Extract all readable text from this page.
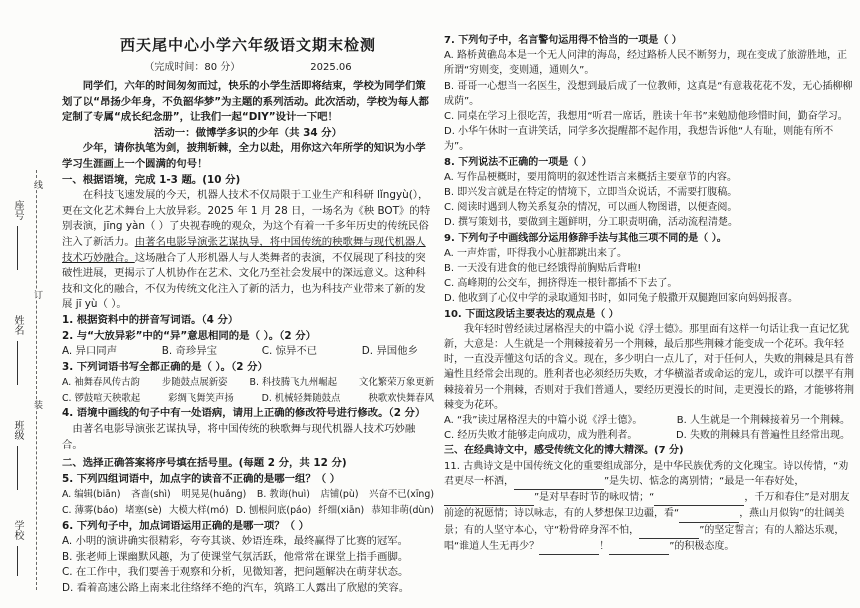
座号
姓名
班级
学校
线
订
装
西天尾中心小学六年级语文期末检测
（完成时间：80 分）	2025.06

同学们，六年的时间匆匆而过，快乐的小学生活即将结束，学校为同学们策划了以“昂扬少年身，不负韶华梦”为主题的系列活动。此次活动，学校为每人都定制了专属“成长纪念册”，让我们一起“DIY”设计一下吧！

活动一：做博学多识的少年（共 34 分）

少年，请你执笔为剑，披荆斩棘，全力以赴，用你这六年所学的知识为小学学习生涯画上一个圆满的句号！

一、根据语境，完成 1-3 题。(10 分)
在科技飞速发展的今天，机器人技术不仅局限于工业生产和科研 lǐngyù(），更在文化艺术舞台上大放异彩。2025 年 1 月 28 日，一场名为《秧 BOT》的特别表演，jīng yàn（ ）了央视春晚的观众，为这个有着一千多年历史的传统民俗注入了新活力。由著名电影导演张艺谋执导，将中国传统的秧歌舞与现代机器人技术巧妙融合。这场融合了人形机器人与人类舞者的表演，不仅展现了科技的突破性进展，更揭示了人机协作在艺术、文化乃至社会发展中的深远意义。这种科技和文化的融合，不仅为传统文化注入了新的活力，也为科技产业带来了新的发展 jī yù（ ）。
1. 根据资料中的拼音写词语。（4 分）
2. 与“大放异彩”中的“异”意思相同的是（ ）。（2 分）
A. 异口同声	B. 奇珍异宝	C. 惊异不已	D. 异国他乡
3. 下列词语书写全都正确的是（ ）。（2 分）
A. 袖舞春风传古韵 步随鼓点展新姿 B. 科技腾飞九州崛起 文化繁荣万象更新
C. 锣鼓喧天秧歌起	彩绸飞舞笑声扬	D. 机械轻舞随鼓点	秧歌欢快舞春风
4. 语境中画线的句子中有一处语病，请用上正确的修改符号进行修改。（2 分）
由著名电影导演张艺谋执导，将中国传统的秧歌舞与现代机器人技术巧妙融合。
二、选择正确答案将序号填在括号里。(每题 2 分，共 12 分)
5. 下列四组词语中，加点字的读音不正确的是哪一组？（ ）
A. 编辑(biān) 吝啬(shì) 明晃晃(huǎng) B. 教诲(huì) 店铺(pù) 兴奋不已(xīng)
C. 薄雾(báo) 堵塞(sè) 大模大样(mó) D. 刨根问底(páo) 纤细(xiān) 恭知非萌(dùn)
6. 下列句子中，加点词语运用正确的是哪一项？（ ）
A. 小明的演讲确实很精彩，夸夸其谈、妙语连珠，最终赢得了比赛的冠军。
B. 张老师上课幽默风趣，为了使课堂气氛活跃，他常常在课堂上指手画脚。
C. 在工作中，我们要善于观察和分析，见微知著，把问题解决在萌芽状态。
D. 看着高速公路上南来北往络绎不绝的汽车，筑路工人露出了欣慰的笑容。
7. 下列句子中，名言警句运用得不恰当的一项是（ ）
A. 路桥黄礁岛本是一个无人问津的海岛，经过路桥人民不断努力，现在变成了旅游胜地，正所谓“穷则变，变则通，通则久”。
B. 哥哥一心想当一名医生，没想到最后成了一位教师，这真是“有意栽花花不发，无心插柳柳成荫”。
C. 同桌在学习上很吃苦，我想用“听君一席话，胜读十年书”来勉励他珍惜时间，勤奋学习。
D. 小华午休时一直讲笑话，同学多次提醒都不起作用，我想告诉他“人有耻，则能有所不为”。
8. 下列说法不正确的一项是（ ）
A. 写作品梗概时，要用简明的叙述性语言来概括主要章节的内容。
B. 即兴发言就是在特定的情境下，立即当众说话，不需要打腹稿。
C. 阅读时遇到人物关系复杂的情况，可以画人物图谱，以便查阅。
D. 撰写策划书，要做到主题鲜明，分工职责明确，活动流程清楚。
9. 下列句子中画线部分运用修辞手法与其他三项不同的是（ ）。
A. 一声炸雷，吓得我小心脏都跳出来了。
B. 一天没有进食的他已经饿得前胸贴后背啦!
C. 高峰期的公交车，拥挤得连一根针都插不下去了。
D. 他收到了心仪中学的录取通知书时，如同兔子般撒开双腿跑回家向妈妈报喜。
10. 下面这段话主要表达的观点是（ ）

我年轻时曾经读过屠格涅夫的中篇小说《浮士德》。那里面有这样一句话让我一直记忆犹新，大意是：人生就是一个荆棘接着另一个荆棘，最后那些荆棘才能变成一个花环。我年轻时，一直没弄懂这句话的含义。现在，多少明白一点儿了，对于任何人，失败的荆棘是具有普遍性且经常会出现的。胜利者也必须经历失败，才华横溢者或命运的宠儿，或许可以摆平有荆棘接着另一个荆棘，否则对于我们普通人，要经历更漫长的时间，走更漫长的路，才能够将荆棘变为花环。

A. “我”读过屠格涅夫的中篇小说《浮士德》。	B. 人生就是一个荆棘接着另一个荆棘。
C. 经历失败才能够走向成功，成为胜利者。	D. 失败的荆棘具有普遍性且经常出现。
三、在经典诗文中，感受传统文化的博大精深。(7 分)
11. 古典诗文是中国传统文化的重要组成部分，是中华民族优秀的文化瑰宝。诗以传情，“劝君更尽一杯酒，	”是失切、惦念的离别情；“最是一年春好处， ”是对早春时节的咏叹情；“	，千万和春住”是对朋友前途的祝愿情；诗以咏志，有的人梦想保卫边疆，看“	，燕山月似钩”的壮阔美景；有的人坚守本心，守“粉骨碎身浑不怕，	”的坚定誓言；有的人豁达乐观，唱“谁道人生无再少？	！	”的积极态度。
